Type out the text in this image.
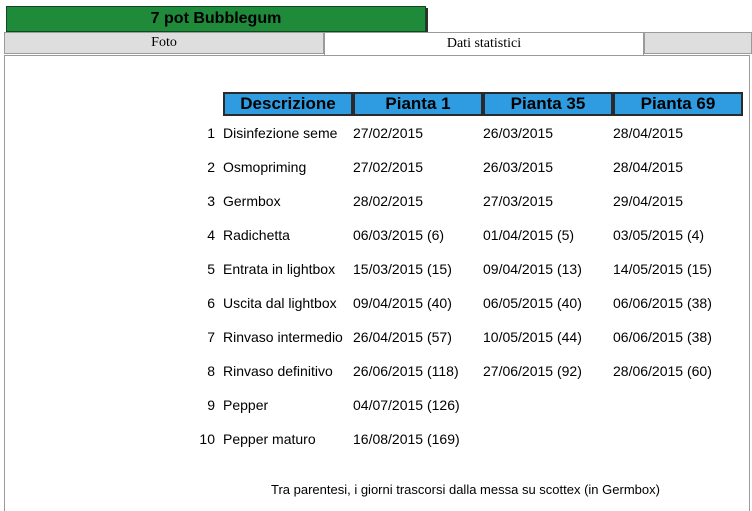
7 pot Bubblegum
Foto	Dati statistici
	Descrizione	Pianta 1	Pianta 35	Pianta 69
1	Disinfezione seme	27/02/2015	26/03/2015	28/04/2015
2	Osmopriming	27/02/2015	26/03/2015	28/04/2015
3	Germbox	28/02/2015	27/03/2015	29/04/2015
4	Radichetta	06/03/2015 (6)	01/04/2015 (5)	03/05/2015 (4)
5	Entrata in lightbox	15/03/2015 (15)	09/04/2015 (13)	14/05/2015 (15)
6	Uscita dal lightbox	09/04/2015 (40)	06/05/2015 (40)	06/06/2015 (38)
7	Rinvaso intermedio	26/04/2015 (57)	10/05/2015 (44)	06/06/2015 (38)
8	Rinvaso definitivo	26/06/2015 (118)	27/06/2015 (92)	28/06/2015 (60)
9	Pepper	04/07/2015 (126)		
10	Pepper maturo	16/08/2015 (169)		
Tra parentesi, i giorni trascorsi dalla messa su scottex (in Germbox)
